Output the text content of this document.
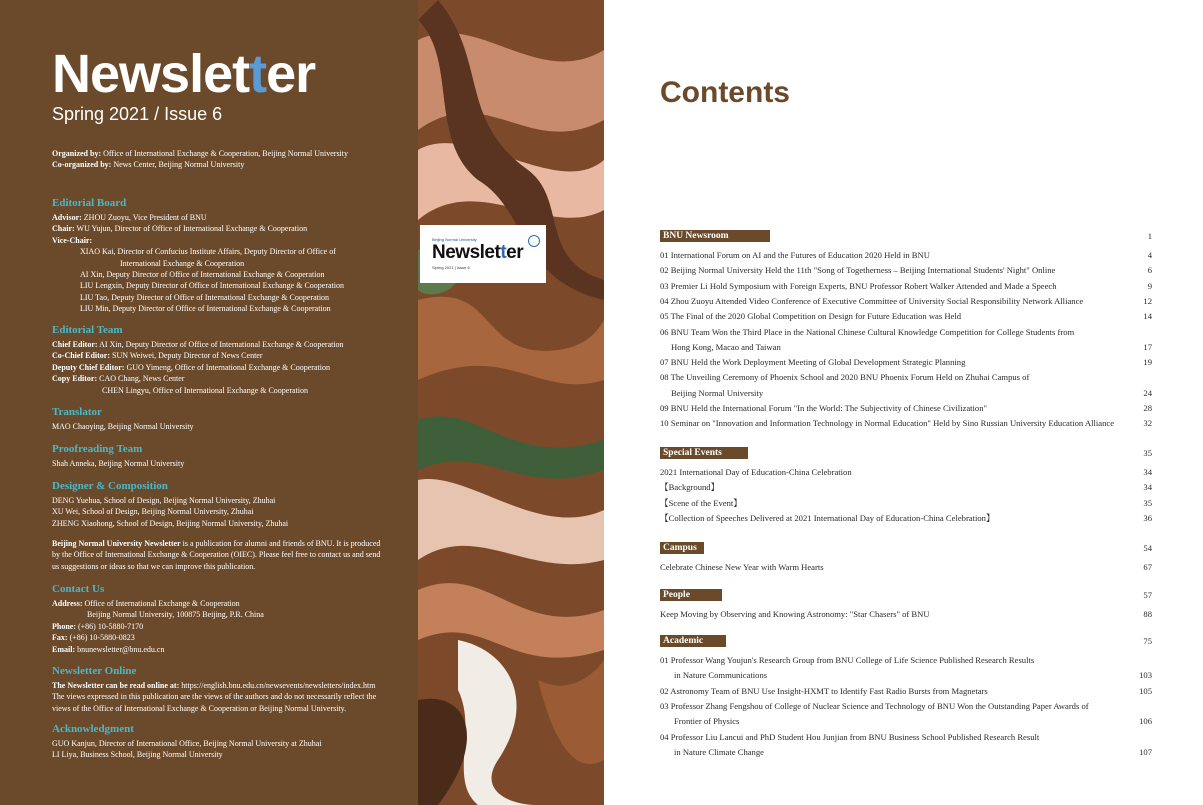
Newsletter
Spring 2021 / Issue 6
Organized by: Office of International Exchange & Cooperation, Beijing Normal University
Co-organized by: News Center, Beijing Normal University
Editorial Board
Advisor: ZHOU Zuoyu, Vice President of BNU
Chair: WU Yujun, Director of Office of International Exchange & Cooperation
Vice-Chair:
XIAO Kai, Director of Confucius Institute Affairs, Deputy Director of Office of
International Exchange & Cooperation
AI Xin, Deputy Director of Office of International Exchange & Cooperation
LIU Lengxin, Deputy Director of Office of International Exchange & Cooperation
LIU Tao, Deputy Director of Office of International Exchange & Cooperation
LIU Min, Deputy Director of Office of International Exchange & Cooperation
Editorial Team
Chief Editor: AI Xin, Deputy Director of Office of International Exchange & Cooperation
Co-Chief Editor: SUN Weiwei, Deputy Director of News Center
Deputy Chief Editor: GUO Yimeng, Office of International Exchange & Cooperation
Copy Editor: CAO Chang, News Center
CHEN Lingyu, Office of International Exchange & Cooperation
Translator
MAO Chaoying, Beijing Normal University
Proofreading Team
Shah Anneka, Beijing Normal University
Designer & Composition
DENG Yuehua, School of Design, Beijing Normal University, Zhuhai
XU Wei, School of Design, Beijing Normal University, Zhuhai
ZHENG Xiaohong, School of Design, Beijing Normal University, Zhuhai
Beijing Normal University Newsletter is a publication for alumni and friends of BNU. It is produced by the Office of International Exchange & Cooperation (OIEC). Please feel free to contact us and send us suggestions or ideas so that we can improve this publication.
Contact Us
Address: Office of International Exchange & Cooperation
Beijing Normal University, 100875 Beijing, P.R. China
Phone: (+86) 10-5880-7170
Fax: (+86) 10-5880-0823
Email: bnunewsletter@bnu.edu.cn
Newsletter Online
The Newsletter can be read online at: https://english.bnu.edu.cn/newsevents/newsletters/index.htm
The views expressed in this publication are the views of the authors and do not necessarily reflect the views of the Office of International Exchange & Cooperation or Beijing Normal University.
Acknowledgment
GUO Kanjun, Director of International Office, Beijing Normal University at Zhuhai
LI Liya, Business School, Beijing Normal University
Beijing Normal University
Newsletter
Spring 2021 | Issue 6
Contents
BNU Newsroom	1
01 International Forum on AI and the Futures of Education 2020 Held in BNU	4
02 Beijing Normal University Held the 11th "Song of Togetherness – Beijing International Students' Night" Online	6
03 Premier Li Hold Symposium with Foreign Experts, BNU Professor Robert Walker Attended and Made a Speech	9
04 Zhou Zuoyu Attended Video Conference of Executive Committee of University Social Responsibility Network Alliance	12
05 The Final of the 2020 Global Competition on Design for Future Education was Held	14
06 BNU Team Won the Third Place in the National Chinese Cultural Knowledge Competition for College Students from
Hong Kong, Macao and Taiwan	17
07 BNU Held the Work Deployment Meeting of Global Development Strategic Planning	19
08 The Unveiling Ceremony of Phoenix School and 2020 BNU Phoenix Forum Held on Zhuhai Campus of
Beijing Normal University	24
09 BNU Held the International Forum "In the World: The Subjectivity of Chinese Civilization"	28
10 Seminar on "Innovation and Information Technology in Normal Education" Held by Sino Russian University Education Alliance	32
Special Events	35
2021 International Day of Education-China Celebration	34
【Background】	34
【Scene of the Event】	35
【Collection of Speeches Delivered at 2021 International Day of Education-China Celebration】	36
Campus	54
Celebrate Chinese New Year with Warm Hearts	67
People	57
Keep Moving by Observing and Knowing Astronomy: "Star Chasers" of BNU	88
Academic	75
01 Professor Wang Youjun's Research Group from BNU College of Life Science Published Research Results
in Nature Communications	103
02 Astronomy Team of BNU Use Insight-HXMT to Identify Fast Radio Bursts from Magnetars	105
03 Professor Zhang Fengshou of College of Nuclear Science and Technology of BNU Won the Outstanding Paper Awards of
Frontier of Physics	106
04 Professor Liu Lancui and PhD Student Hou Junjian from BNU Business School Published Research Result
in Nature Climate Change	107
